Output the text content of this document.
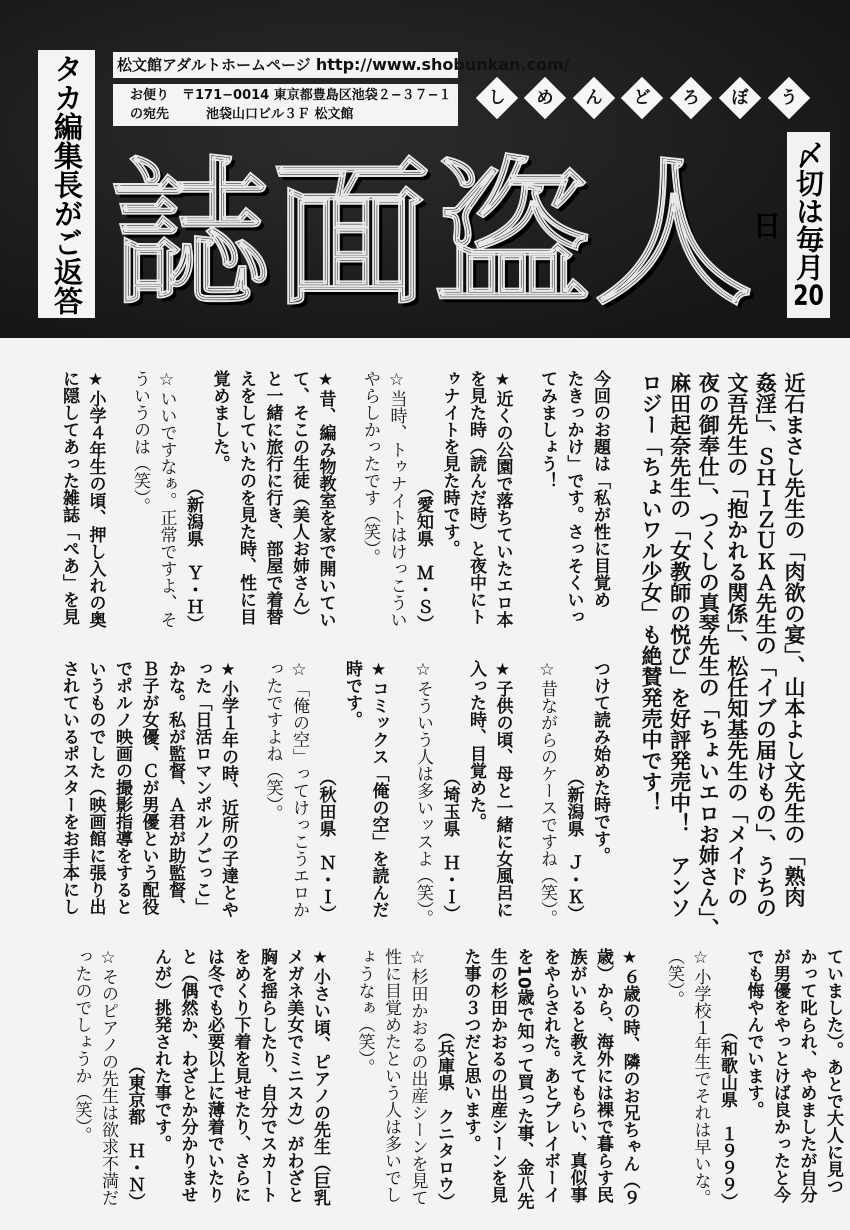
タカ編集長がご返答	松文館アダルトホームページ http://www.shobunkan.com/
お便り 〒171−0014 東京都豊島区池袋２−３７−１
の宛先	池袋山口ビル３Ｆ 松文館
し	め	ん	ど	ろ	ぼ	う
誌 面 盗 人 〆切は毎月20日
近石まさし先生の「肉欲の宴」、山本よし文先生の「熟肉
姦淫」、ＳＨＩＺＵＫＡ先生の「イブの届けもの」、うちの
文吾先生の「抱かれる関係」、松任知基先生の「メイドの
夜の御奉仕」、つくしの真琴先生の「ちょいエロお姉さん」、
麻田起奈先生の「女教師の悦び」を好評発売中！　アンソ
ロジー「ちょいワル少女」も絶賛発売中です！
今回のお題は「私が性に目覚め
たきっかけ」です。さっそくいっ
てみましょう！
★近くの公園で落ちていたエロ本
を見た時（読んだ時）と夜中にト
ゥナイトを見た時です。
（愛知県　Ｍ・Ｓ）
☆当時、トゥナイトはけっこうい
やらしかったです（笑）。
★昔、編み物教室を家で開いてい
て、そこの生徒（美人お姉さん）
と一緒に旅行に行き、部屋で着替
えをしていたのを見た時、性に目
覚めました。
（新潟県　Ｙ・Ｈ）
☆いいですなぁ。正常ですよ、そ
ういうのは（笑）。
★小学４年生の頃、押し入れの奥
に隠してあった雑誌「ぺあ」を見
つけて読み始めた時です。
（新潟県　Ｊ・Ｋ）
☆昔ながらのケースですね（笑）。
★子供の頃、母と一緒に女風呂に
入った時、目覚めた。
（埼玉県　Ｈ・Ｉ）
☆そういう人は多いッスよ（笑）。
★コミックス「俺の空」を読んだ
時です。
（秋田県　Ｎ・Ｉ）
☆「俺の空」ってけっこうエロか
ったですよね（笑）。
★小学１年の時、近所の子達とや
った「日活ロマンポルノごっこ」
かな。私が監督、Ａ君が助監督、
Ｂ子が女優、Ｃが男優という配役
でポルノ映画の撮影指導をすると
いうものでした（映画館に張り出
されているポスターをお手本にし
ていました）。あとで大人に見つ
かって叱られ、やめましたが自分
が男優をやっとけば良かったと今
でも悔やんでいます。
（和歌山県　１９９９）
☆小学校１年生でそれは早いな。
（笑）。
★６歳の時、隣のお兄ちゃん（９
歳）から、海外には裸で暮らす民
族がいると教えてもらい、真似事
をやらされた。あとプレイボーイ
を10歳で知って買った事、金八先
生の杉田かおるの出産シーンを見
た事の３つだと思います。
（兵庫県　クニタロウ）
☆杉田かおるの出産シーンを見て
性に目覚めたという人は多いでし
ょうなぁ（笑）。
★小さい頃、ピアノの先生（巨乳
メガネ美女でミニスカ）がわざと
胸を揺らしたり、自分でスカート
をめくり下着を見せたり、さらに
は冬でも必要以上に薄着でいたり
と（偶然か、わざとか分かりませ
んが）挑発された事です。
（東京都　Ｈ・Ｎ）
☆そのピアノの先生は欲求不満だ
ったのでしょうか（笑）。
